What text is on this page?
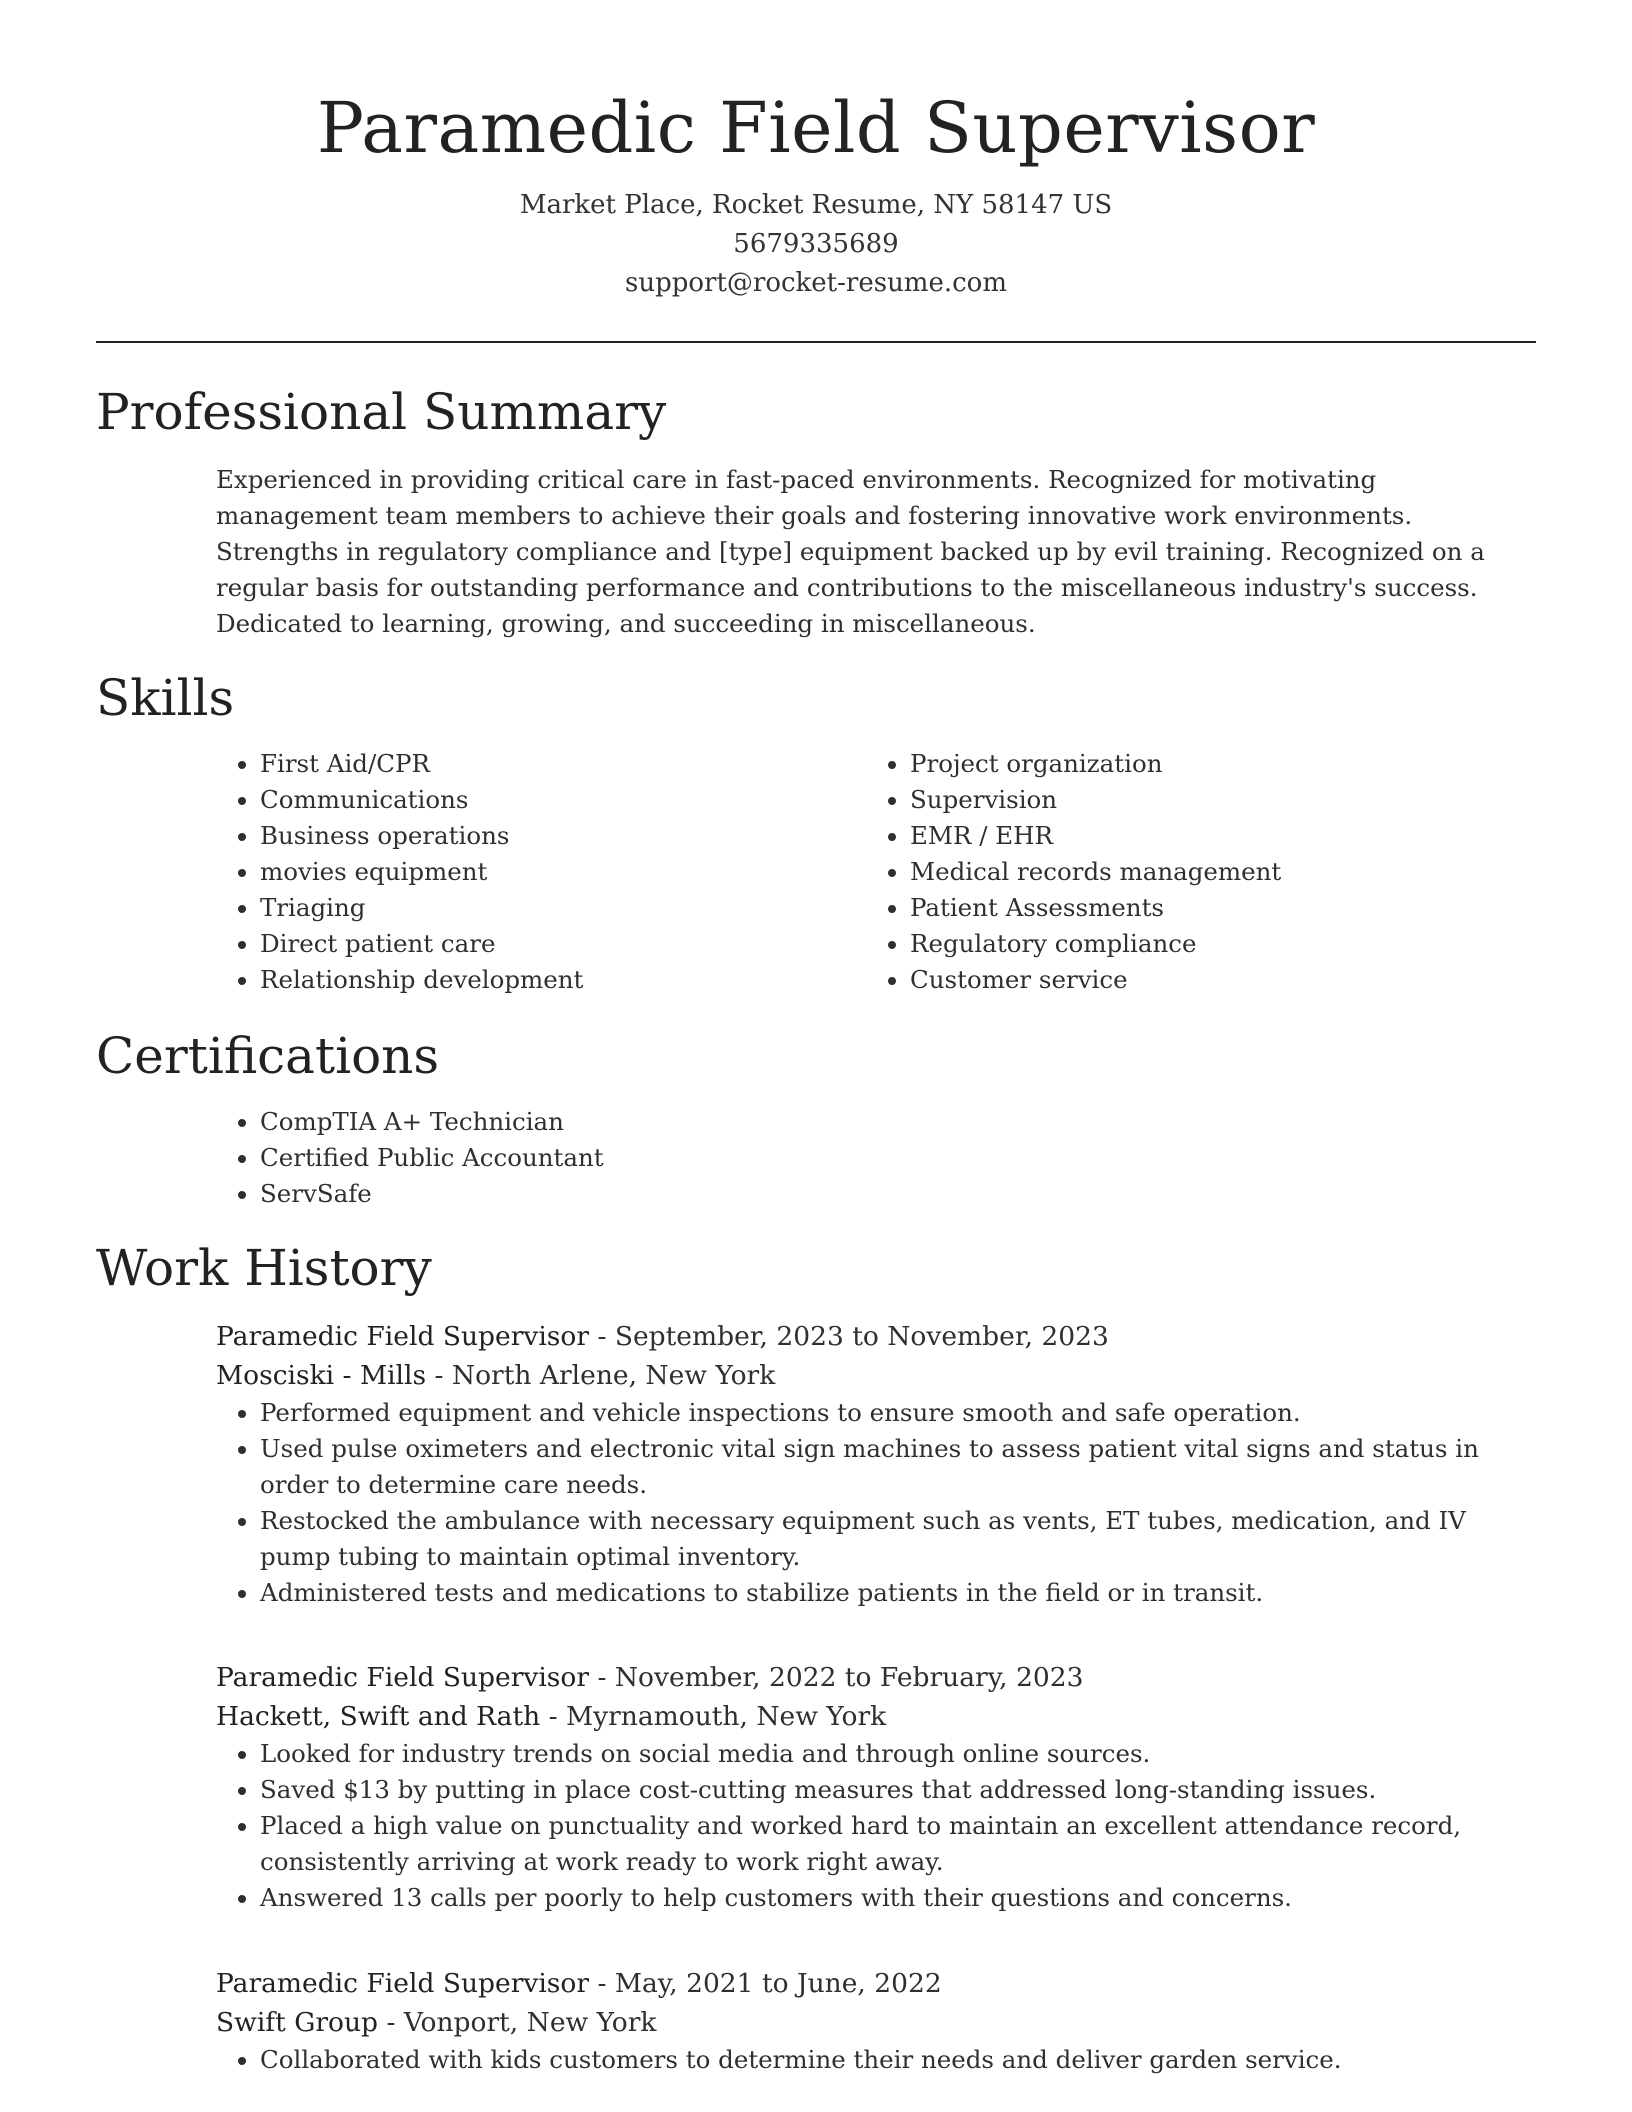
Paramedic Field Supervisor
Market Place, Rocket Resume, NY 58147 US
5679335689
support@rocket-resume.com
Professional Summary

Experienced in providing critical care in fast-paced environments. Recognized for motivating management team members to achieve their goals and fostering innovative work environments. Strengths in regulatory compliance and [type] equipment backed up by evil training. Recognized on a regular basis for outstanding performance and contributions to the miscellaneous industry's success. Dedicated to learning, growing, and succeeding in miscellaneous.

Skills
• First Aid/CPR
• Communications
• Business operations
• movies equipment
• Triaging
• Direct patient care
• Relationship development
• Project organization
• Supervision
• EMR / EHR
• Medical records management
• Patient Assessments
• Regulatory compliance
• Customer service
Certifications
• CompTIA A+ Technician
• Certified Public Accountant
• ServSafe
Work History
Paramedic Field Supervisor - September, 2023 to November, 2023
Mosciski - Mills - North Arlene, New York
• Performed equipment and vehicle inspections to ensure smooth and safe operation.
• Used pulse oximeters and electronic vital sign machines to assess patient vital signs and status in order to determine care needs.
• Restocked the ambulance with necessary equipment such as vents, ET tubes, medication, and IV pump tubing to maintain optimal inventory.
• Administered tests and medications to stabilize patients in the field or in transit.
Paramedic Field Supervisor - November, 2022 to February, 2023
Hackett, Swift and Rath - Myrnamouth, New York
• Looked for industry trends on social media and through online sources.
• Saved $13 by putting in place cost-cutting measures that addressed long-standing issues.
• Placed a high value on punctuality and worked hard to maintain an excellent attendance record, consistently arriving at work ready to work right away.
• Answered 13 calls per poorly to help customers with their questions and concerns.
Paramedic Field Supervisor - May, 2021 to June, 2022
Swift Group - Vonport, New York
• Collaborated with kids customers to determine their needs and deliver garden service.
